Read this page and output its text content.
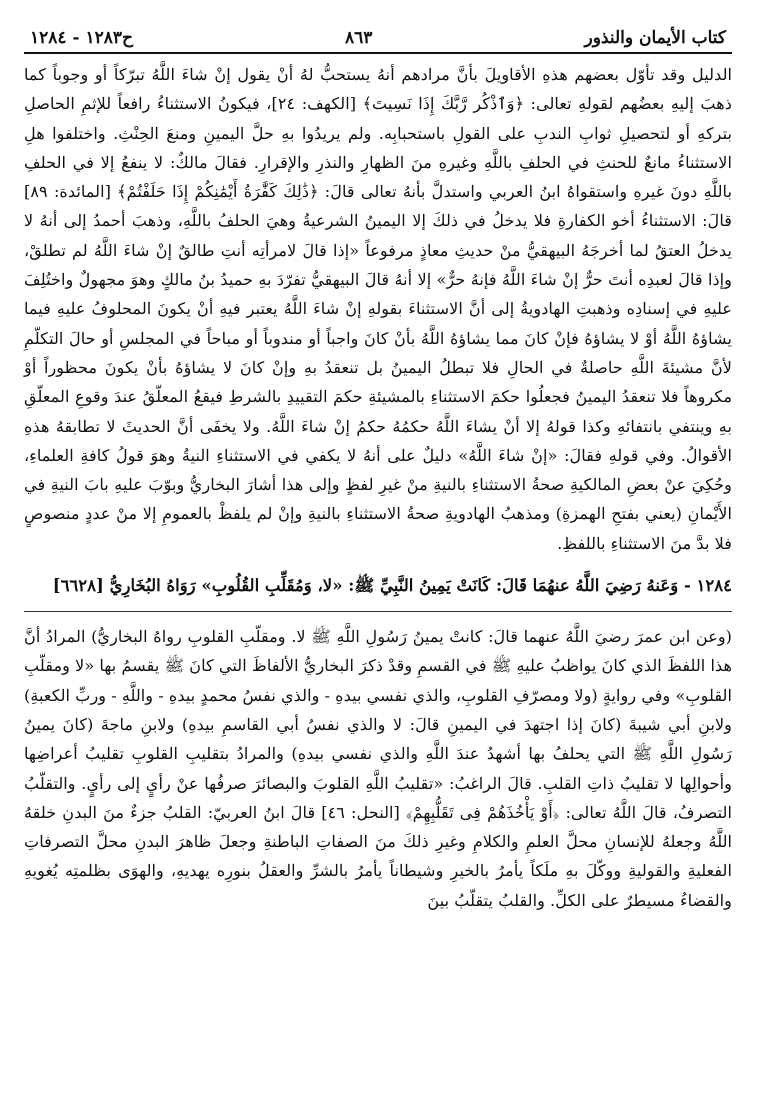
كتاب الأيمان والنذور
٨٦٣
ح١٢٨٣ - ١٢٨٤

الدليل وقد تأوّل بعضهم هذهِ الأقاويلَ بأنَّ مرادهم أنهُ يستحبُّ لهُ أنْ يقول إنْ شاءَ اللَّهُ تبرّكاً أو وجوباً كما ذهبَ إليهِ بعضُهم لقولهِ تعالى: ﴿وَٱذْكُر رَّبَّكَ إِذَا نَسِيتَ﴾ [الكهف: ٢٤]، فيكونُ الاستثناءُ رافعاً للإثمِ الحاصلِ بتركهِ أو لتحصيلِ ثوابِ الندبِ على القولِ باستحبابِه. ولم يريدُوا بهِ حلَّ اليمينِ ومنعَ الحِنْثِ. واختلفوا هلِ الاستثناءُ مانعٌ للحنثِ في الحلفِ باللَّهِ وغيرهِ منَ الظهارِ والنذرِ والإقرارِ. فقالَ مالكٌ: لا ينفعُ إلا في الحلفِ باللَّهِ دونَ غيرهِ واستقواهُ ابنُ العربي واستدلَّ بأنهُ تعالى قالَ: ﴿ذَٰلِكَ كَفَّٰرَةُ أَيْمَٰنِكُمْ إِذَا حَلَفْتُمْ﴾ [المائدة: ٨٩] قالَ: الاستثناءُ أخو الكفارةِ فلا يدخلُ في ذلكَ إلا اليمينُ الشرعيةُ وهيَ الحلفُ باللَّهِ، وذهبَ أحمدُ إلى أنهُ لا يدخلُ العتقُ لما أخرجَهُ البيهقيُّ منْ حديثِ معاذٍ مرفوعاً «إذا قالَ لامرأتِه أنتِ طالقٌ إنْ شاءَ اللَّهُ لم تطلقْ، وإذا قالَ لعبدِه أنتَ حرٌّ إنْ شاءَ اللَّهُ فإنهُ حرٌّ» إلا أنهُ قالَ البيهقيُّ تفرّدَ بهِ حميدُ بنُ مالكٍ وهوَ مجهولٌ واختُلِفَ عليهِ في إسنادِه وذهبتِ الهادويةُ إلى أنَّ الاستثناءَ بقولهِ إنْ شاءَ اللَّهُ يعتبر فيهِ أنْ يكونَ المحلوفُ عليهِ فيما يشاؤهُ اللَّهُ أوْ لا يشاؤهُ فإنْ كانَ مما يشاؤهُ اللَّهُ بأنْ كانَ واجباً أو مندوباً أو مباحاً في المجلسِ أو حالَ التكلّمِ لأنَّ مشيئةَ اللَّهِ حاصلةٌ في الحالِ فلا تبطلُ اليمينُ بل تنعقدُ بهِ وإنْ كانَ لا يشاؤهُ بأنْ يكونَ محظوراً أوْ مكروهاً فلا تنعقدُ اليمينُ فجعلُوا حكمَ الاستثناءِ بالمشيئةِ حكمَ التقييدِ بالشرطِ فيقعُ المعلّقُ عندَ وقوعِ المعلّقِ بهِ وينتفي بانتفائهِ وكذا قولهُ إلا أنْ يشاءَ اللَّهُ حكمُهُ حكمُ إنْ شاءَ اللَّهُ. ولا يخفَى أنَّ الحديثَ لا تطابقهُ هذهِ الأقوالُ. وفي قولهِ فقالَ: «إنْ شاءَ اللَّهُ» دليلٌ على أنهُ لا يكفي في الاستثناءِ النيةُ وهوَ قولُ كافةِ العلماءِ، وحُكِيَ عنْ بعضِ المالكيةِ صحةُ الاستثناءِ بالنيةِ منْ غيرِ لفظٍ وإلى هذا أشارَ البخاريُّ وبوّبَ عليهِ بابَ النيةِ في الأَيْمانِ (يعني بفتحِ الهمزةِ) ومذهبُ الهادويةِ صحةُ الاستثناءِ بالنيةِ وإنْ لم يلفظْ بالعمومِ إلا منْ عددٍ منصوصٍ فلا بدَّ منَ الاستثناءِ باللفظِ.

١٢٨٤ - وَعَنهُ رَضِيَ اللَّهُ عنهُمَا قَالَ: كَانَتْ يَمِينُ النَّبِيِّ ﷺ: «لا، وَمُقَلِّبِ القُلُوبِ» رَوَاهُ البُخَارِيُّ [٦٦٢٨]

(وعن ابن عمرَ رضيَ اللَّهُ عنهما قالَ: كانتْ يمينُ رَسُولِ اللَّهِ ﷺ لا. ومقلّبِ القلوبِ رواهُ البخاريُّ) المرادُ أنَّ هذا اللفظَ الذي كانَ يواظبُ عليهِ ﷺ في القسمِ وقدْ ذكرَ البخاريُّ الألفاظَ التي كانَ ﷺ يقسمُ بها «لا ومقلّبِ القلوبِ» وفي روايةٍ (ولا ومصرّفِ القلوبِ، والذي نفسي بيدهِ - والذي نفسُ محمدٍ بيدهِ - واللَّهِ - وربِّ الكعبةِ) ولابنِ أبي شيبةَ (كانَ إذا اجتهدَ في اليمينِ قالَ: لا والذي نفسُ أبي القاسمِ بيدهِ) ولابنِ ماجةَ (كانَ يمينُ رَسُولِ اللَّهِ ﷺ التي يحلفُ بها أشهدُ عندَ اللَّهِ والذي نفسي بيدهِ) والمرادُ بتقليبِ القلوبِ تقليبُ أعراضِها وأحوالِها لا تقليبُ ذاتِ القلبِ. قالَ الراغبُ: «تقليبُ اللَّهِ القلوبَ والبصائرَ صرفُها عنْ رأيٍ إلى رأيٍ. والتقلّبُ التصرفُ، قالَ اللَّهُ تعالى: ﴿أَوْ يَأْخُذَهُمْ فِى تَقَلُّبِهِمْ﴾ [النحل: ٤٦] قالَ ابنُ العربيّ: القلبُ جزءٌ منَ البدنِ خلقهُ اللَّهُ وجعلهُ للإنسانِ محلَّ العلمِ والكلامِ وغيرِ ذلكَ منَ الصفاتِ الباطنةِ وجعلَ ظاهرَ البدنِ محلَّ التصرفاتِ الفعليةِ والقوليةِ ووكّلَ بهِ ملَكاً يأمرُ بالخيرِ وشيطاناً يأمرُ بالشرِّ والعقلُ بنورِه يهديهِ، والهوَى بظلمتِه يُغويهِ والقضاءُ مسيطرٌ على الكلِّ. والقلبُ يتقلّبُ بينَ
